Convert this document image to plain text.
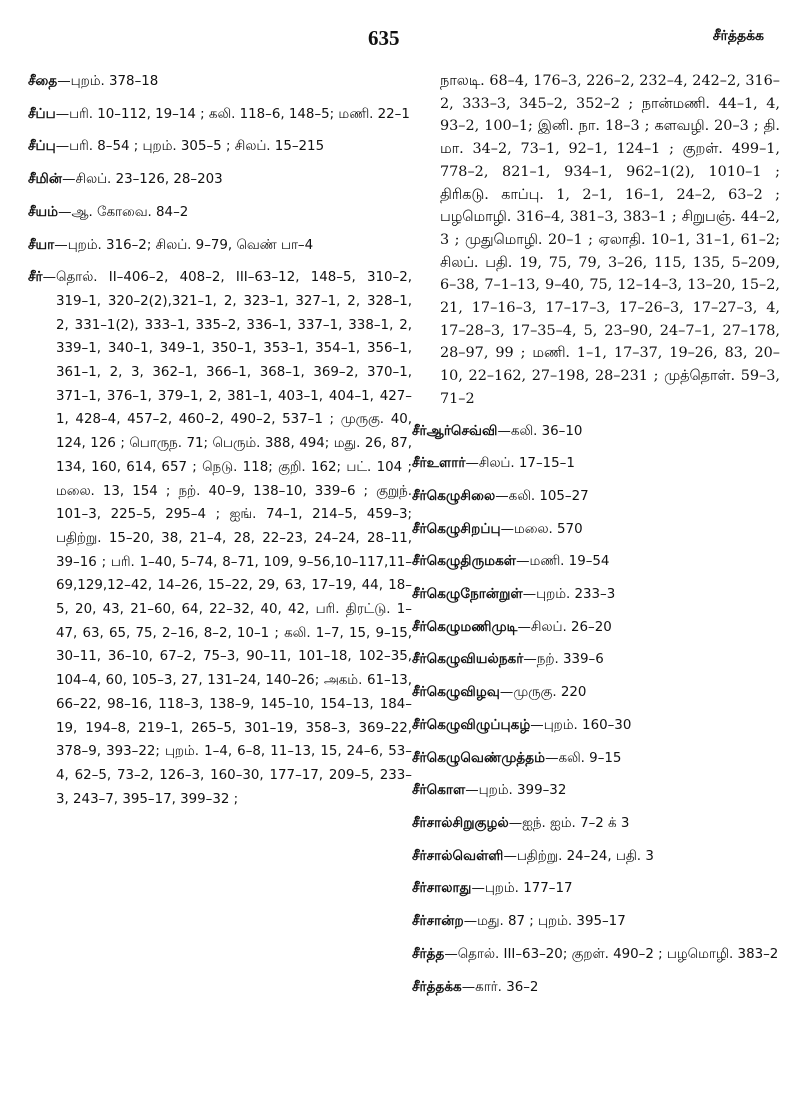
635	சீர்த்தக்க

சீதை—புறம். 378–18

சீப்ப—பரி. 10–112, 19–14 ; கலி. 118–6, 148–5; மணி. 22–1

சீப்பு—பரி. 8–54 ; புறம். 305–5 ; சிலப். 15–215

சீமின்—சிலப். 23–126, 28–203

சீயம்—ஆ. கோவை. 84–2

சீயா—புறம். 316–2; சிலப். 9–79, வெண் பா–4

சீர்—தொல். II–406–2, 408–2, III–63–12, 148–5, 310–2, 319–1, 320–2(2),321–1, 2, 323–1, 327–1, 2, 328–1, 2, 331–1(2), 333–1, 335–2, 336–1, 337–1, 338–1, 2, 339–1, 340–1, 349–1, 350–1, 353–1, 354–1, 356–1, 361–1, 2, 3, 362–1, 366–1, 368–1, 369–2, 370–1, 371–1, 376–1, 379–1, 2, 381–1, 403–1, 404–1, 427–1, 428–4, 457–2, 460–2, 490–2, 537–1 ; முருகு. 40, 124, 126 ; பொருந. 71; பெரும். 388, 494; மது. 26, 87, 134, 160, 614, 657 ; நெடு. 118; குறி. 162; பட். 104 ; மலை. 13, 154 ; நற். 40–9, 138–10, 339–6 ; குறுந். 101–3, 225–5, 295–4 ; ஐங். 74–1, 214–5, 459–3; பதிற்று. 15–20, 38, 21–4, 28, 22–23, 24–24, 28–11, 39–16 ; பரி. 1–40, 5–74, 8–71, 109, 9–56,10–117,11–69,129,12–42, 14–26, 15–22, 29, 63, 17–19, 44, 18–5, 20, 43, 21–60, 64, 22–32, 40, 42, பரி. திரட்டு. 1–47, 63, 65, 75, 2–16, 8–2, 10–1 ; கலி. 1–7, 15, 9–15, 30–11, 36–10, 67–2, 75–3, 90–11, 101–18, 102–35, 104–4, 60, 105–3, 27, 131–24, 140–26; அகம். 61–13, 66–22, 98–16, 118–3, 138–9, 145–10, 154–13, 184–19, 194–8, 219–1, 265–5, 301–19, 358–3, 369–22, 378–9, 393–22; புறம். 1–4, 6–8, 11–13, 15, 24–6, 53–4, 62–5, 73–2, 126–3, 160–30, 177–17, 209–5, 233–3, 243–7, 395–17, 399–32 ;

நாலடி. 68–4, 176–3, 226–2, 232–4, 242–2, 316–2, 333–3, 345–2, 352–2 ; நான்மணி. 44–1, 4, 93–2, 100–1; இனி. நா. 18–3 ; களவழி. 20–3 ; தி. மா. 34–2, 73–1, 92–1, 124–1 ; குறள். 499–1, 778–2, 821–1, 934–1, 962–1(2), 1010–1 ; திரிகடு. காப்பு. 1, 2–1, 16–1, 24–2, 63–2 ; பழமொழி. 316–4, 381–3, 383–1 ; சிறுபஞ். 44–2, 3 ; முதுமொழி. 20–1 ; ஏலாதி. 10–1, 31–1, 61–2; சிலப். பதி. 19, 75, 79, 3–26, 115, 135, 5–209, 6–38, 7–1–13, 9–40, 75, 12–14–3, 13–20, 15–2, 21, 17–16–3, 17–17–3, 17–26–3, 17–27–3, 4, 17–28–3, 17–35–4, 5, 23–90, 24–7–1, 27–178, 28–97, 99 ; மணி. 1–1, 17–37, 19–26, 83, 20–10, 22–162, 27–198, 28–231 ; முத்தொள். 59–3, 71–2

சீர்ஆர்செவ்வி—கலி. 36–10

சீர்உளார்—சிலப். 17–15–1

சீர்கெழுசிலை—கலி. 105–27

சீர்கெழுசிறப்பு—மலை. 570

சீர்கெழுதிருமகள்—மணி. 19–54

சீர்கெழுநோன்றுள்—புறம். 233–3

சீர்கெழுமணிமுடி—சிலப். 26–20

சீர்கெழுவியல்நகர்—நற். 339–6

சீர்கெழுவிழவு—முருகு. 220

சீர்கெழுவிழுப்புகழ்—புறம். 160–30

சீர்கெழுவெண்முத்தம்—கலி. 9–15

சீர்கொள—புறம். 399–32

சீர்சால்சிறுகுழல்—ஐந். ஐம். 7–2 க் 3

சீர்சால்வெள்ளி—பதிற்று. 24–24, பதி. 3

சீர்சாலாது—புறம். 177–17

சீர்சான்ற—மது. 87 ; புறம். 395–17

சீர்த்த—தொல். III–63–20; குறள். 490–2 ; பழமொழி. 383–2

சீர்த்தக்க—கார். 36–2
